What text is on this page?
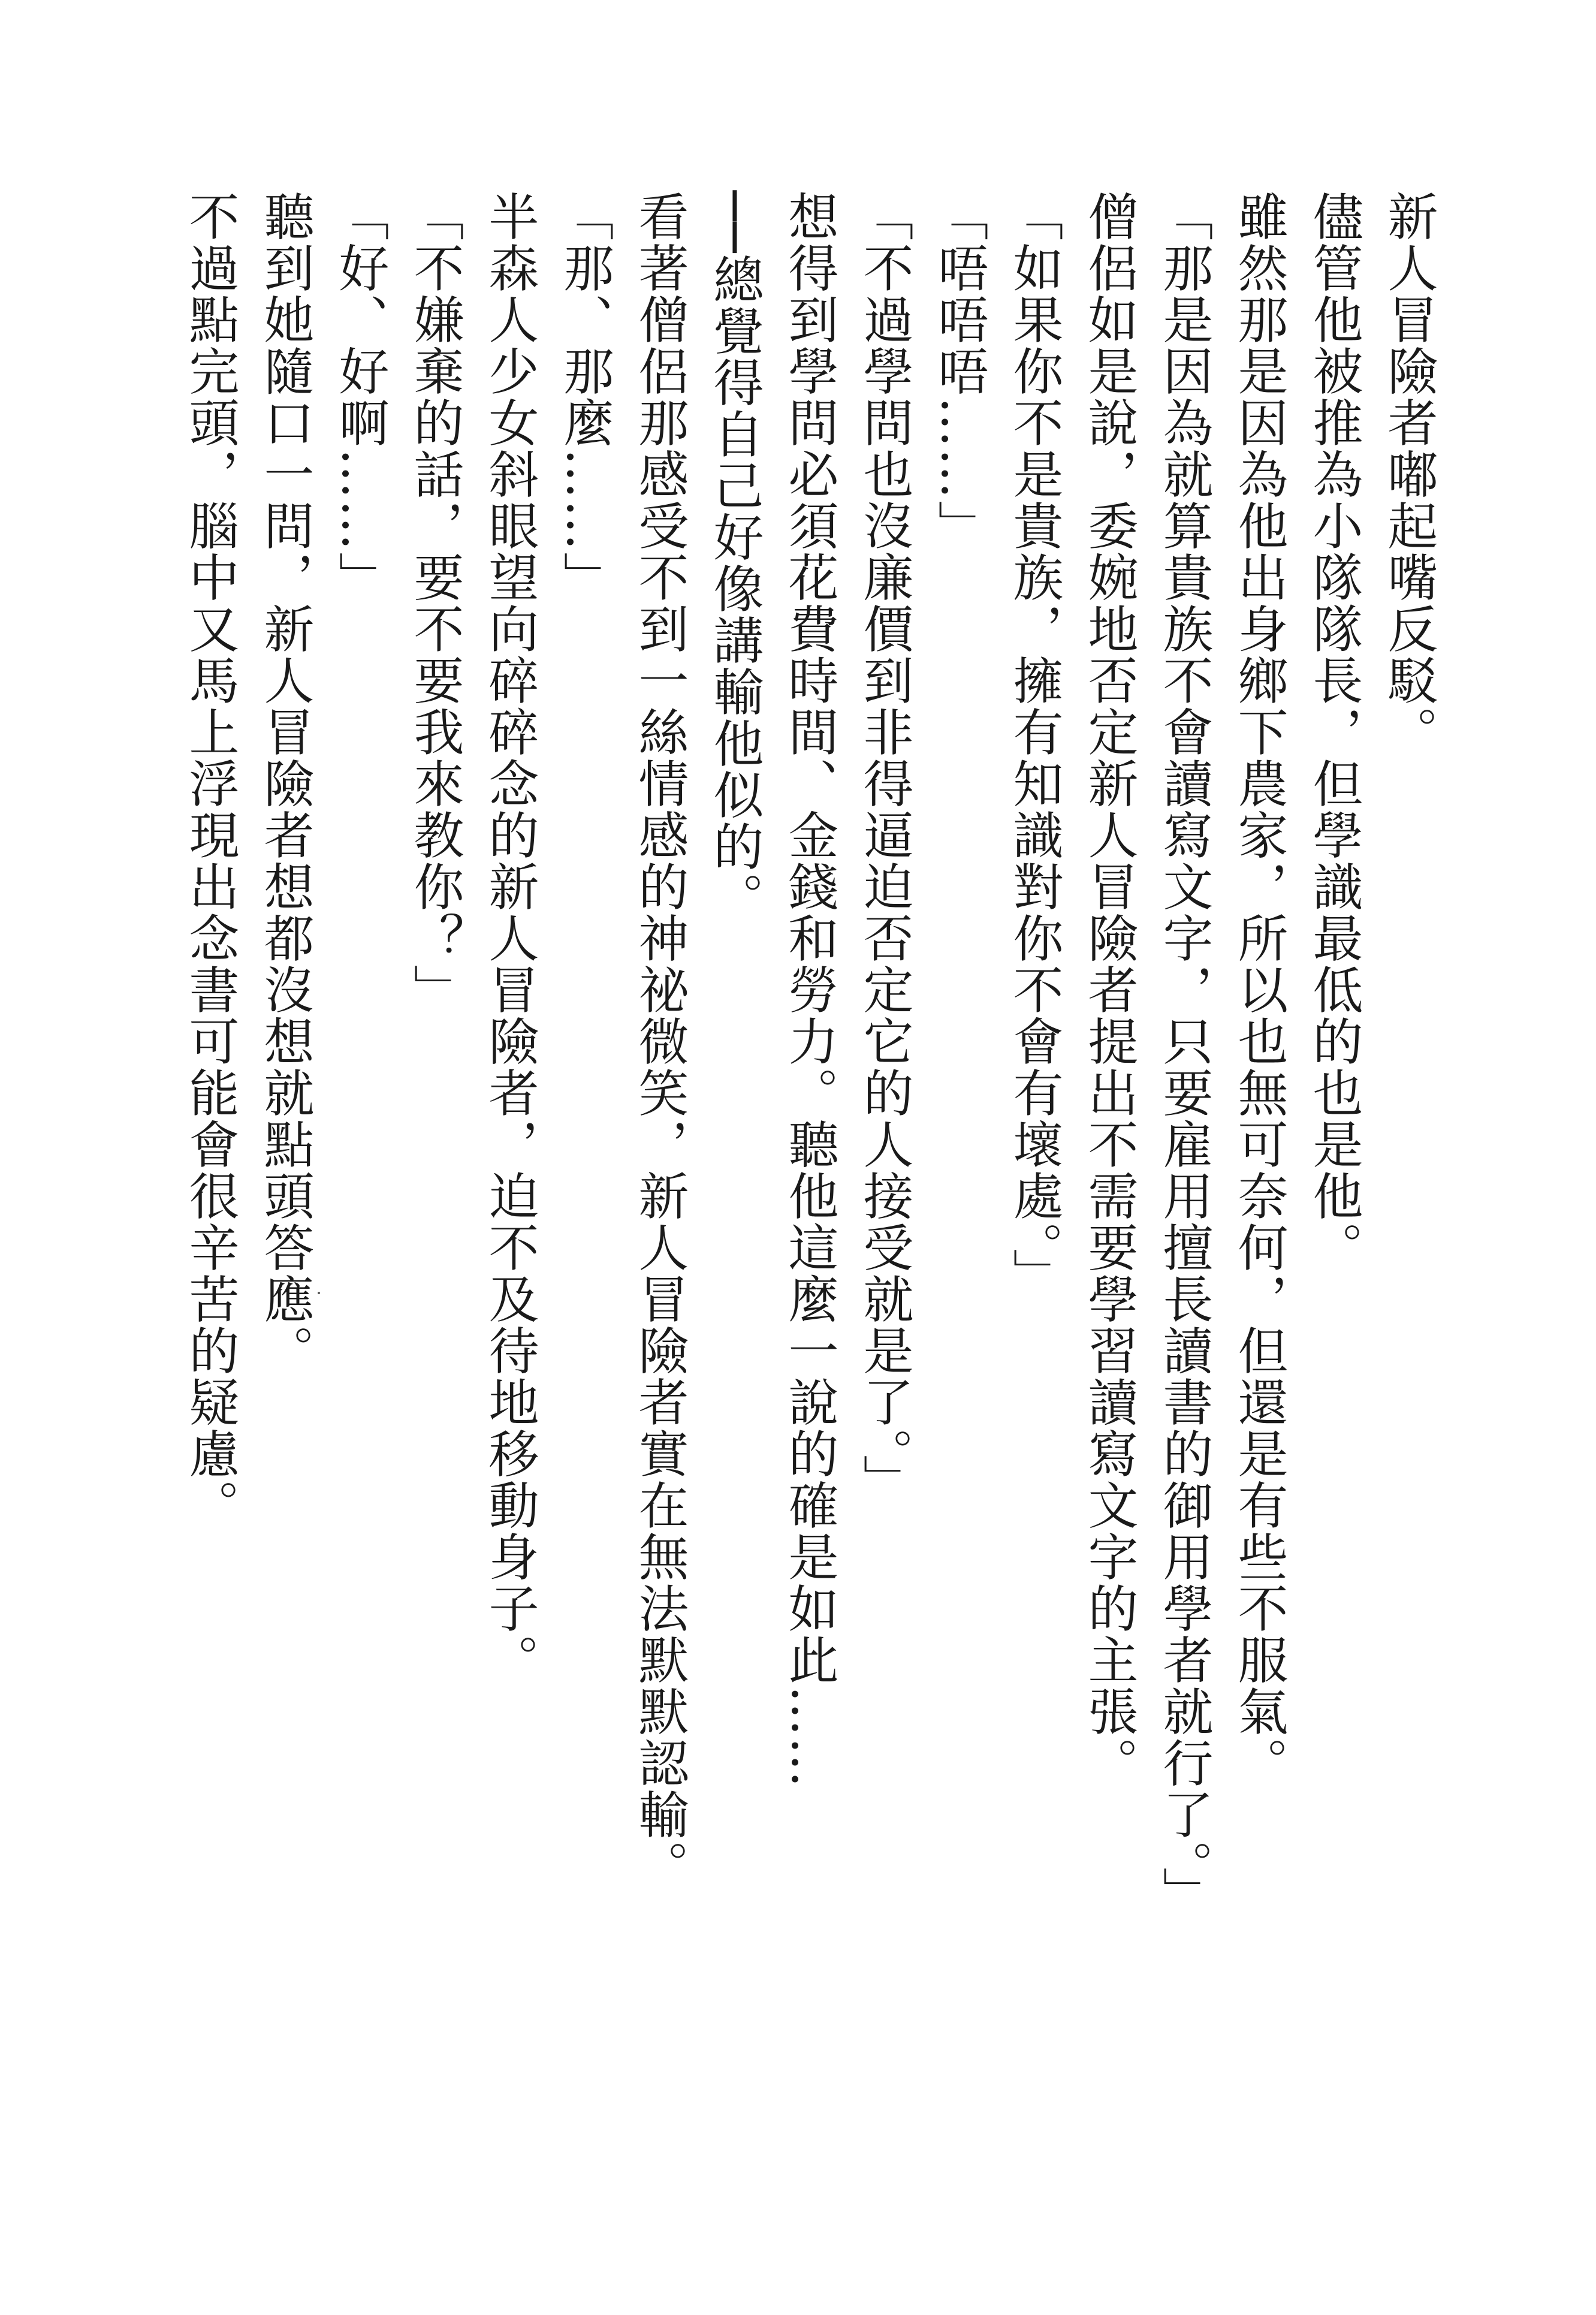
新人冒險者嘟起嘴反駁。
儘管他被推為小隊隊長，但學識最低的也是他。
雖然那是因為他出身鄉下農家，所以也無可奈何，但還是有些不服氣。
「那是因為就算貴族不會讀寫文字，只要雇用擅長讀書的御用學者就行了。」
僧侶如是說，委婉地否定新人冒險者提出不需要學習讀寫文字的主張。
「如果你不是貴族，擁有知識對你不會有壞處。」
「唔唔唔……」
「不過學問也沒廉價到非得逼迫否定它的人接受就是了。」
想得到學問必須花費時間、金錢和勞力。聽他這麼一說的確是如此……
──總覺得自己好像講輸他似的。
看著僧侶那感受不到一絲情感的神祕微笑，新人冒險者實在無法默默認輸。
「那、那麼……」
半森人少女斜眼望向碎碎念的新人冒險者，迫不及待地移動身子。
「不嫌棄的話，要不要我來教你？」
「好、好啊……」
聽到她隨口一問，新人冒險者想都沒想就點頭答應。
不過點完頭，腦中又馬上浮現出念書可能會很辛苦的疑慮。
